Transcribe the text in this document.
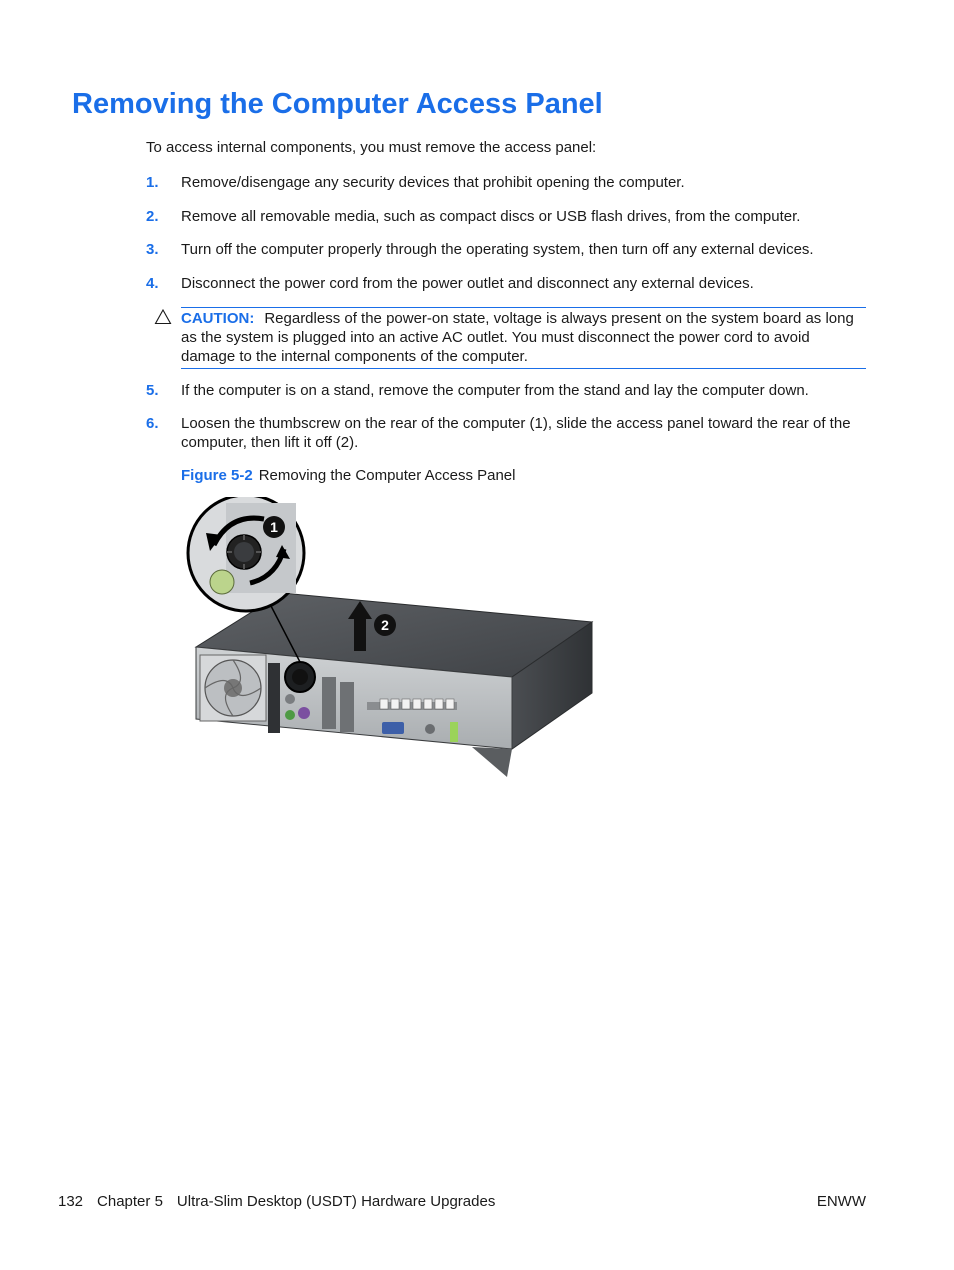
Removing the Computer Access Panel
To access internal components, you must remove the access panel:
1. Remove/disengage any security devices that prohibit opening the computer.
2. Remove all removable media, such as compact discs or USB flash drives, from the computer.
3. Turn off the computer properly through the operating system, then turn off any external devices.
4. Disconnect the power cord from the power outlet and disconnect any external devices.
CAUTION: Regardless of the power-on state, voltage is always present on the system board as long as the system is plugged into an active AC outlet. You must disconnect the power cord to avoid damage to the internal components of the computer.
5. If the computer is on a stand, remove the computer from the stand and lay the computer down.
6. Loosen the thumbscrew on the rear of the computer (1), slide the access panel toward the rear of the computer, then lift it off (2).
Figure 5-2 Removing the Computer Access Panel
1
2
132 Chapter 5 Ultra-Slim Desktop (USDT) Hardware Upgrades	ENWW
